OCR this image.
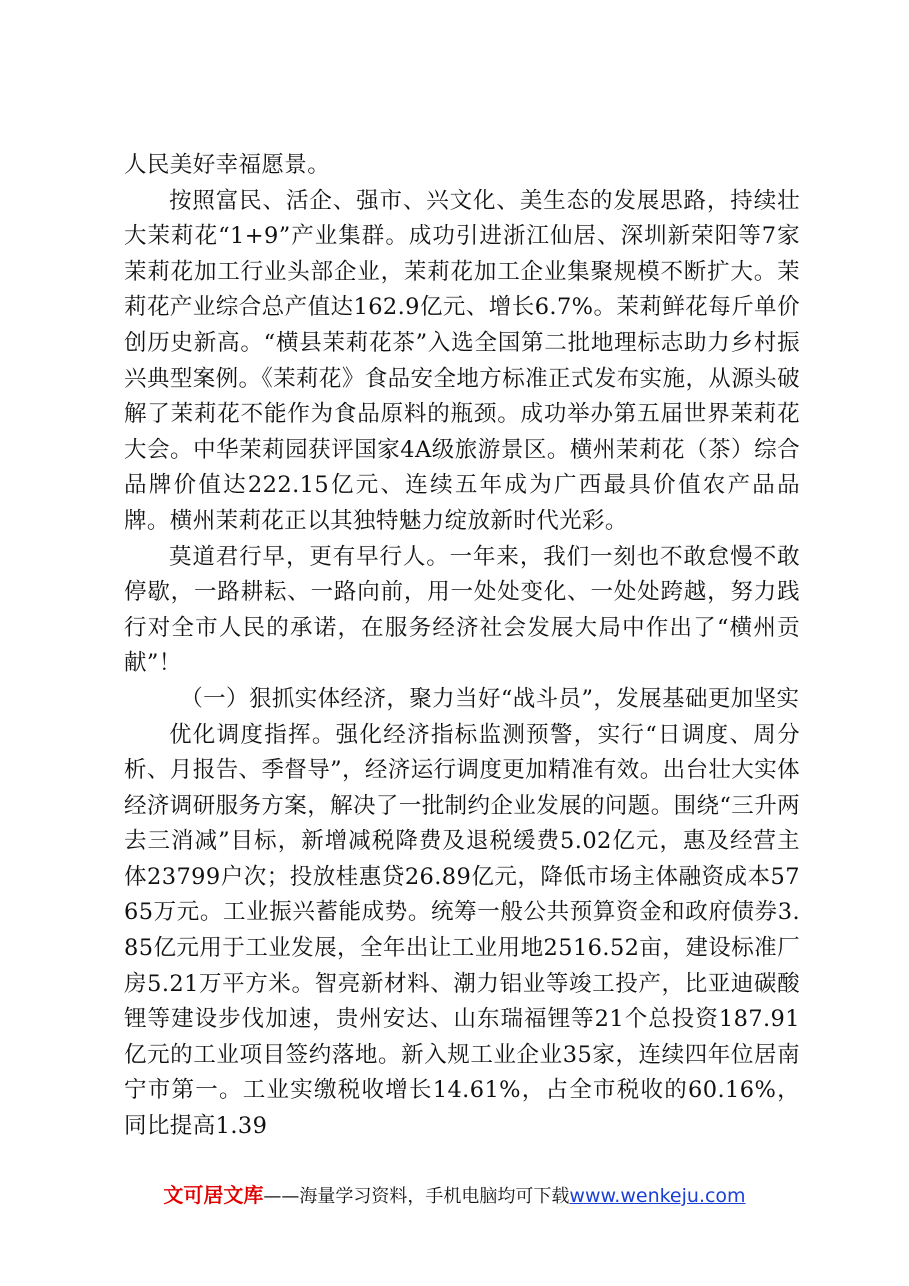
人民美好幸福愿景。

按照富民、活企、强市、兴文化、美生态的发展思路，持续壮大茉莉花“1+9”产业集群。成功引进浙江仙居、深圳新荣阳等7家茉莉花加工行业头部企业，茉莉花加工企业集聚规模不断扩大。茉莉花产业综合总产值达162.9亿元、增长6.7%。茉莉鲜花每斤单价创历史新高。“横县茉莉花茶”入选全国第二批地理标志助力乡村振兴典型案例。《茉莉花》食品安全地方标准正式发布实施，从源头破解了茉莉花不能作为食品原料的瓶颈。成功举办第五届世界茉莉花大会。中华茉莉园获评国家4A级旅游景区。横州茉莉花（茶）综合品牌价值达222.15亿元、连续五年成为广西最具价值农产品品牌。横州茉莉花正以其独特魅力绽放新时代光彩。

莫道君行早，更有早行人。一年来，我们一刻也不敢怠慢不敢停歇，一路耕耘、一路向前，用一处处变化、一处处跨越，努力践行对全市人民的承诺，在服务经济社会发展大局中作出了“横州贡献”！

（一）狠抓实体经济，聚力当好“战斗员”，发展基础更加坚实

优化调度指挥。强化经济指标监测预警，实行“日调度、周分析、月报告、季督导”，经济运行调度更加精准有效。出台壮大实体经济调研服务方案，解决了一批制约企业发展的问题。围绕“三升两去三消减”目标，新增减税降费及退税缓费5.02亿元，惠及经营主体23799户次；投放桂惠贷26.89亿元，降低市场主体融资成本5765万元。工业振兴蓄能成势。统筹一般公共预算资金和政府债券3.85亿元用于工业发展，全年出让工业用地2516.52亩，建设标准厂房5.21万平方米。智亮新材料、潮力铝业等竣工投产，比亚迪碳酸锂等建设步伐加速，贵州安达、山东瑞福锂等21个总投资187.91亿元的工业项目签约落地。新入规工业企业35家，连续四年位居南宁市第一。工业实缴税收增长14.61%，占全市税收的60.16%，同比提高1.39

文可居文库——海量学习资料，手机电脑均可下载www.wenkeju.com
